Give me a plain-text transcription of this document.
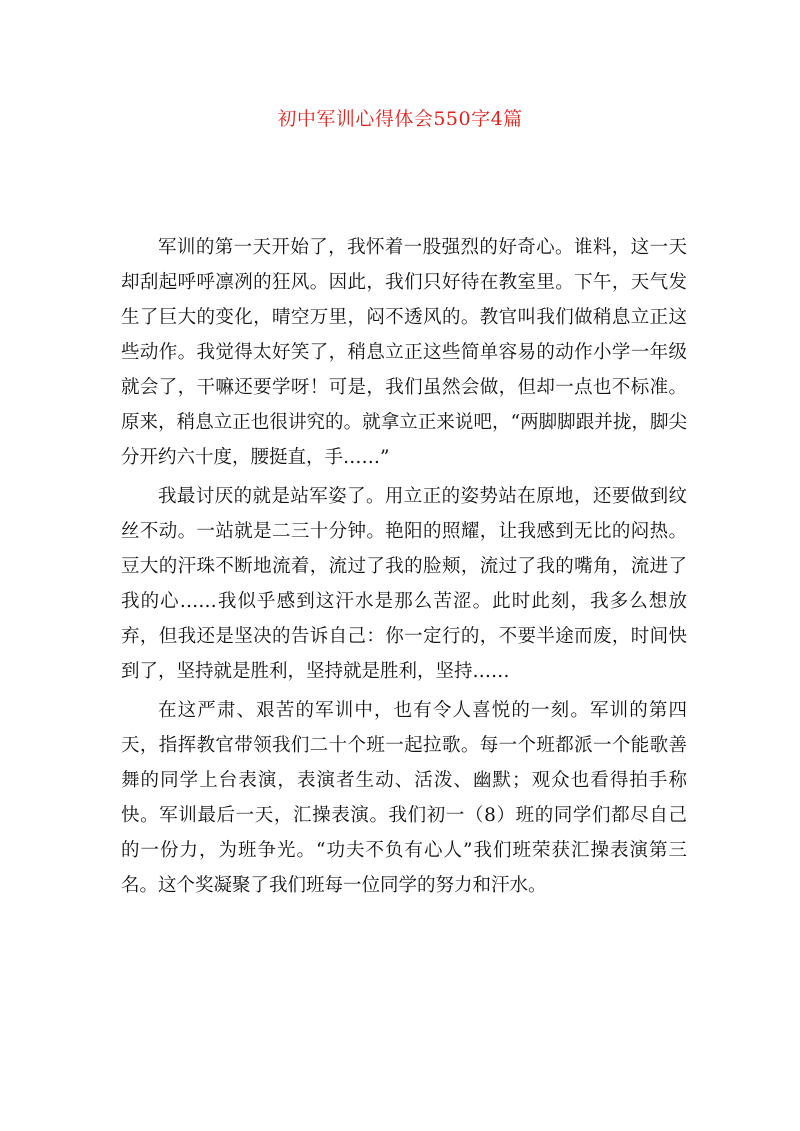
初中军训心得体会550字4篇

军训的第一天开始了，我怀着一股强烈的好奇心。谁料，这一天却刮起呼呼凛冽的狂风。因此，我们只好待在教室里。下午，天气发生了巨大的变化，晴空万里，闷不透风的。教官叫我们做稍息立正这些动作。我觉得太好笑了，稍息立正这些简单容易的动作小学一年级就会了，干嘛还要学呀！可是，我们虽然会做，但却一点也不标准。原来，稍息立正也很讲究的。就拿立正来说吧，“两脚脚跟并拢，脚尖分开约六十度，腰挺直，手……”

我最讨厌的就是站军姿了。用立正的姿势站在原地，还要做到纹丝不动。一站就是二三十分钟。艳阳的照耀，让我感到无比的闷热。豆大的汗珠不断地流着，流过了我的脸颊，流过了我的嘴角，流进了我的心……我似乎感到这汗水是那么苦涩。此时此刻，我多么想放弃，但我还是坚决的告诉自己：你一定行的，不要半途而废，时间快到了，坚持就是胜利，坚持就是胜利，坚持……

在这严肃、艰苦的军训中，也有令人喜悦的一刻。军训的第四天，指挥教官带领我们二十个班一起拉歌。每一个班都派一个能歌善舞的同学上台表演，表演者生动、活泼、幽默；观众也看得拍手称快。军训最后一天，汇操表演。我们初一（8）班的同学们都尽自己的一份力，为班争光。“功夫不负有心人”我们班荣获汇操表演第三名。这个奖凝聚了我们班每一位同学的努力和汗水。
